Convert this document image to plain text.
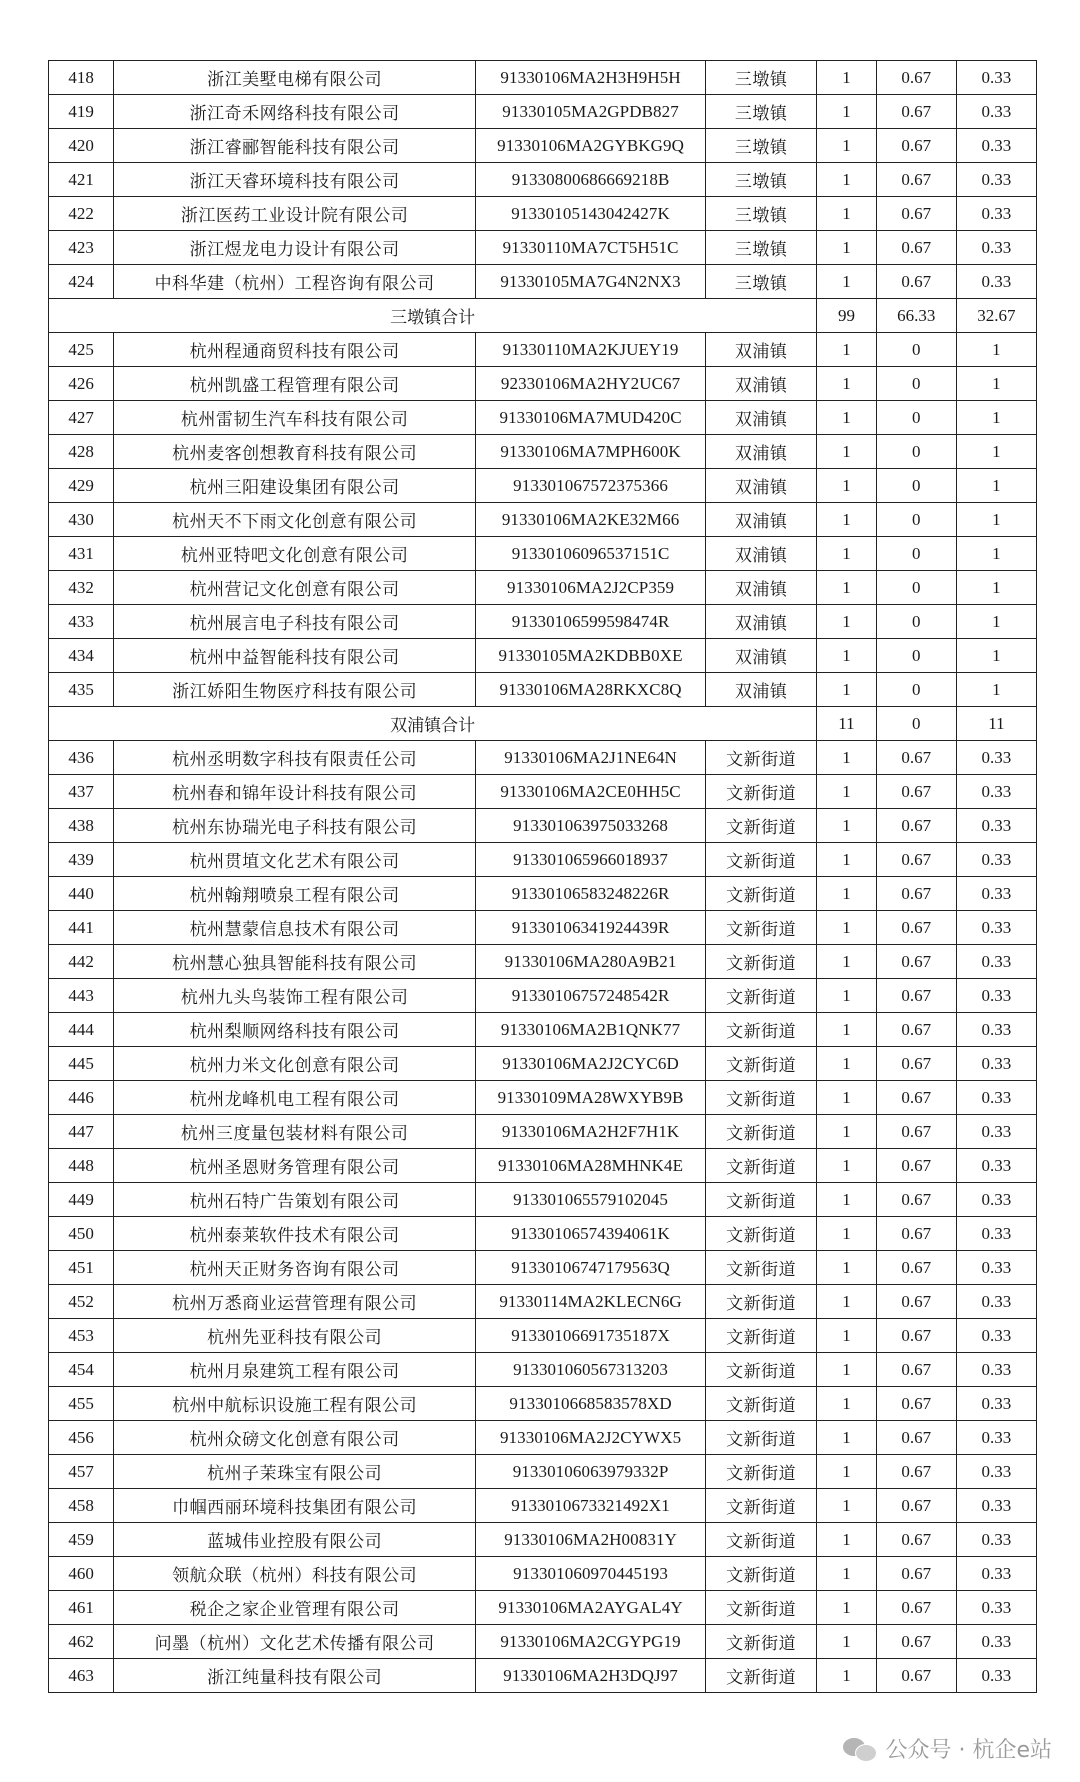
418	浙江美墅电梯有限公司	91330106MA2H3H9H5H	三墩镇	1	0.67	0.33
419	浙江奇禾网络科技有限公司	91330105MA2GPDB827	三墩镇	1	0.67	0.33
420	浙江睿郦智能科技有限公司	91330106MA2GYBKG9Q	三墩镇	1	0.67	0.33
421	浙江天睿环境科技有限公司	91330800686669218B	三墩镇	1	0.67	0.33
422	浙江医药工业设计院有限公司	91330105143042427K	三墩镇	1	0.67	0.33
423	浙江煜龙电力设计有限公司	91330110MA7CT5H51C	三墩镇	1	0.67	0.33
424	中科华建（杭州）工程咨询有限公司	91330105MA7G4N2NX3	三墩镇	1	0.67	0.33
三墩镇合计				99	66.33	32.67
425	杭州程通商贸科技有限公司	91330110MA2KJUEY19	双浦镇	1	0	1
426	杭州凯盛工程管理有限公司	92330106MA2HY2UC67	双浦镇	1	0	1
427	杭州雷韧生汽车科技有限公司	91330106MA7MUD420C	双浦镇	1	0	1
428	杭州麦客创想教育科技有限公司	91330106MA7MPH600K	双浦镇	1	0	1
429	杭州三阳建设集团有限公司	913301067572375366	双浦镇	1	0	1
430	杭州天不下雨文化创意有限公司	91330106MA2KE32M66	双浦镇	1	0	1
431	杭州亚特吧文化创意有限公司	91330106096537151C	双浦镇	1	0	1
432	杭州营记文化创意有限公司	91330106MA2J2CP359	双浦镇	1	0	1
433	杭州展言电子科技有限公司	91330106599598474R	双浦镇	1	0	1
434	杭州中益智能科技有限公司	91330105MA2KDBB0XE	双浦镇	1	0	1
435	浙江娇阳生物医疗科技有限公司	91330106MA28RKXC8Q	双浦镇	1	0	1
双浦镇合计				11	0	11
436	杭州丞明数字科技有限责任公司	91330106MA2J1NE64N	文新街道	1	0.67	0.33
437	杭州春和锦年设计科技有限公司	91330106MA2CE0HH5C	文新街道	1	0.67	0.33
438	杭州东协瑞光电子科技有限公司	913301063975033268	文新街道	1	0.67	0.33
439	杭州贯埴文化艺术有限公司	913301065966018937	文新街道	1	0.67	0.33
440	杭州翰翔喷泉工程有限公司	91330106583248226R	文新街道	1	0.67	0.33
441	杭州慧蒙信息技术有限公司	91330106341924439R	文新街道	1	0.67	0.33
442	杭州慧心独具智能科技有限公司	91330106MA280A9B21	文新街道	1	0.67	0.33
443	杭州九头鸟装饰工程有限公司	91330106757248542R	文新街道	1	0.67	0.33
444	杭州梨顺网络科技有限公司	91330106MA2B1QNK77	文新街道	1	0.67	0.33
445	杭州力米文化创意有限公司	91330106MA2J2CYC6D	文新街道	1	0.67	0.33
446	杭州龙峰机电工程有限公司	91330109MA28WXYB9B	文新街道	1	0.67	0.33
447	杭州三度量包装材料有限公司	91330106MA2H2F7H1K	文新街道	1	0.67	0.33
448	杭州圣恩财务管理有限公司	91330106MA28MHNK4E	文新街道	1	0.67	0.33
449	杭州石特广告策划有限公司	913301065579102045	文新街道	1	0.67	0.33
450	杭州泰莱软件技术有限公司	91330106574394061K	文新街道	1	0.67	0.33
451	杭州天正财务咨询有限公司	91330106747179563Q	文新街道	1	0.67	0.33
452	杭州万悉商业运营管理有限公司	91330114MA2KLECN6G	文新街道	1	0.67	0.33
453	杭州先亚科技有限公司	91330106691735187X	文新街道	1	0.67	0.33
454	杭州月泉建筑工程有限公司	913301060567313203	文新街道	1	0.67	0.33
455	杭州中航标识设施工程有限公司	913301066858357​8XD	文新街道	1	0.67	0.33
456	杭州众磅文化创意有限公司	91330106MA2J2CYWX5	文新街道	1	0.67	0.33
457	杭州子茉珠宝有限公司	91330106063979332P	文新街道	1	0.67	0.33
458	巾帼西丽环境科技集团有限公司	91330106733214​92X1	文新街道	1	0.67	0.33
459	蓝城伟业控股有限公司	91330106MA2H00831Y	文新街道	1	0.67	0.33
460	领航众联（杭州）科技有限公司	913301060970445193	文新街道	1	0.67	0.33
461	税企之家企业管理有限公司	91330106MA2AYGAL4Y	文新街道	1	0.67	0.33
462	问墨（杭州）文化艺术传播有限公司	91330106MA2CGYPG19	文新街道	1	0.67	0.33
463	浙江纯量科技有限公司	91330106MA2H3DQJ97	文新街道	1	0.67	0.33
公众号 · 杭企e站
